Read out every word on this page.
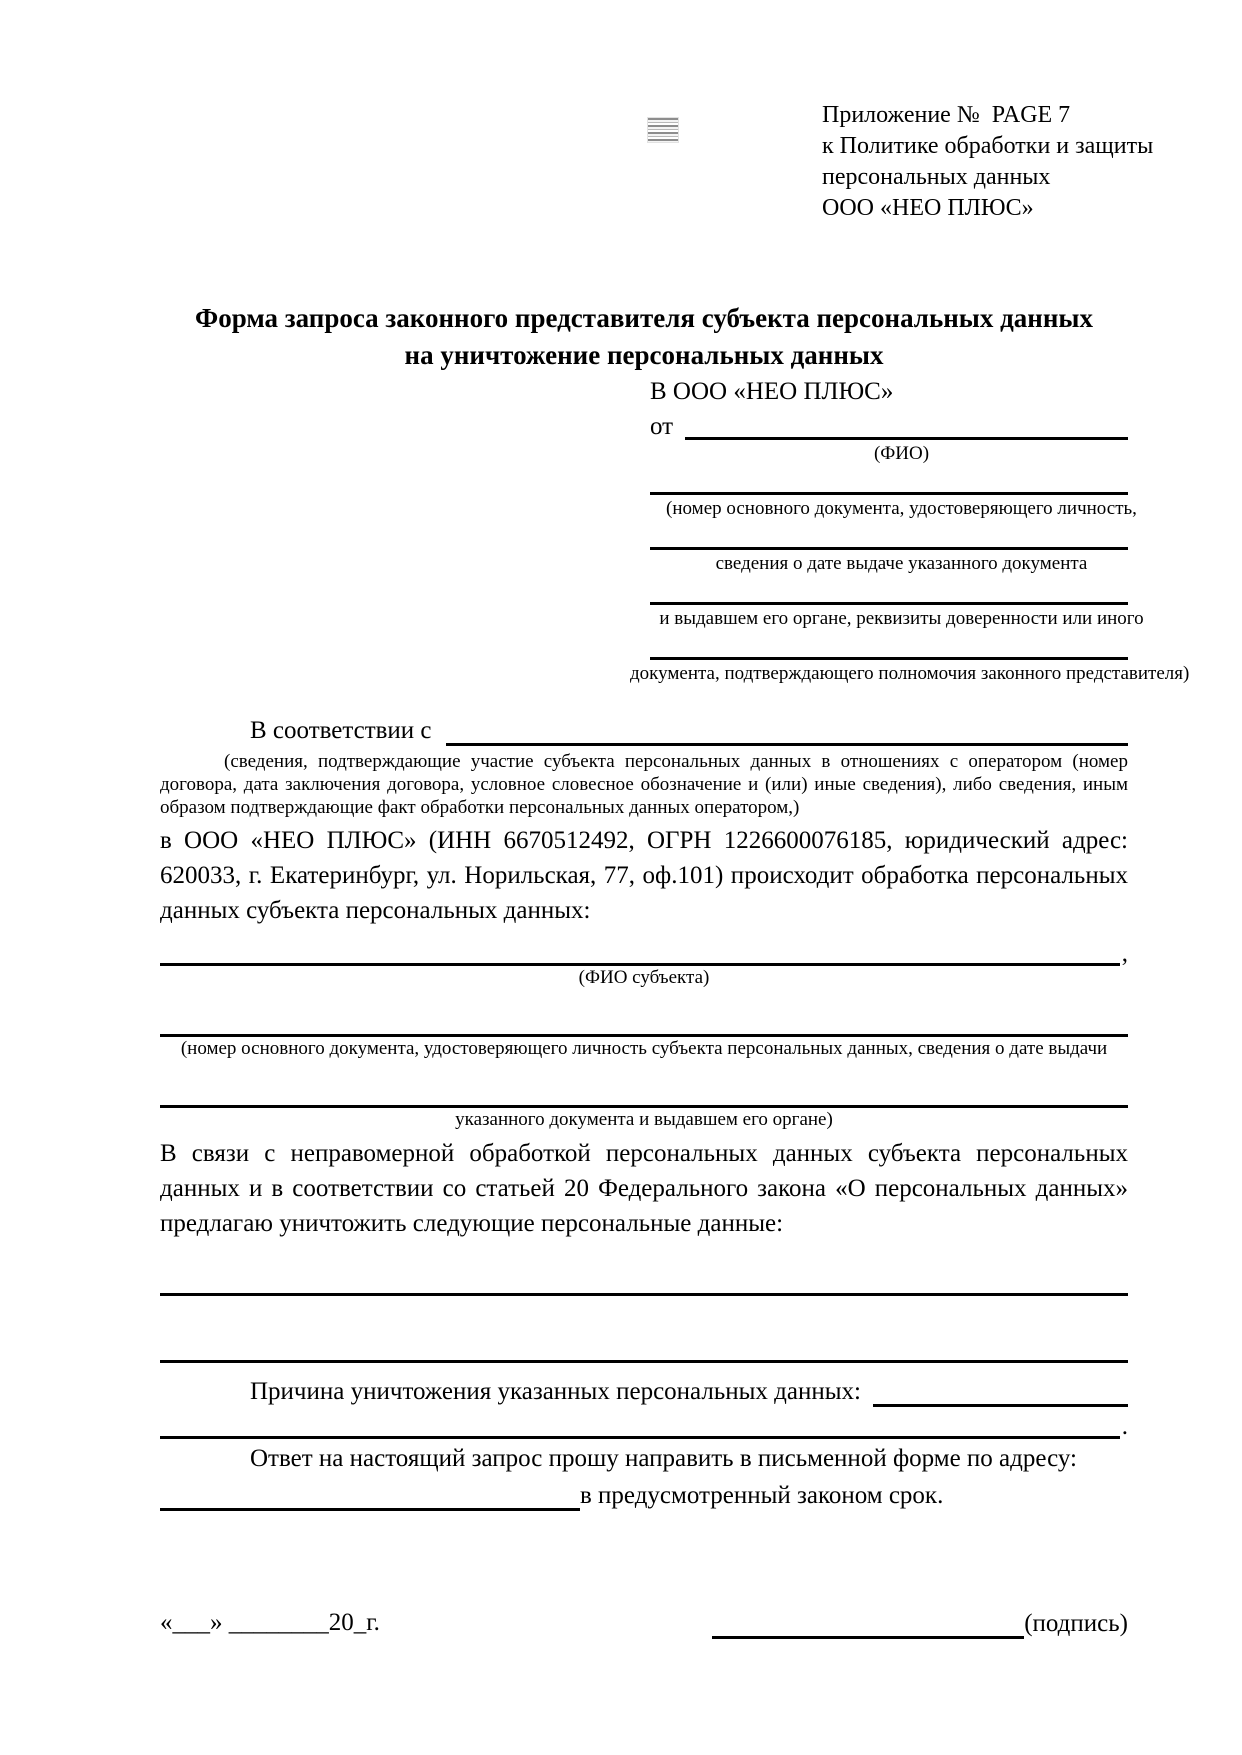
Приложение №  PAGE 7
к Политике обработки и защиты
персональных данных
ООО «НЕО ПЛЮС»
Форма запроса законного представителя субъекта персональных данных
на уничтожение персональных данных
В ООО «НЕО ПЛЮС»
от
(ФИО)
(номер основного документа, удостоверяющего личность,
сведения о дате выдаче указанного документа
и выдавшем его органе, реквизиты доверенности или иного
документа, подтверждающего полномочия законного представителя)
В соответствии с
(сведения, подтверждающие участие субъекта персональных данных в отношениях с оператором (номер договора, дата заключения договора, условное словесное обозначение и (или) иные сведения), либо сведения, иным образом подтверждающие факт обработки персональных данных оператором,)
в ООО «НЕО ПЛЮС» (ИНН 6670512492, ОГРН 1226600076185, юридический адрес: 620033, г. Екатеринбург, ул. Норильская, 77, оф.101) происходит обработка персональных данных субъекта персональных данных:
,
(ФИО субъекта)
(номер основного документа, удостоверяющего личность субъекта персональных данных, сведения о дате выдачи
указанного документа и выдавшем его органе)
В связи с неправомерной обработкой персональных данных субъекта персональных данных и в соответствии со статьей 20 Федерального закона «О персональных данных» предлагаю уничтожить следующие персональные данные:
Причина уничтожения указанных персональных данных:
.
Ответ на настоящий запрос прошу направить в письменной форме по адресу:
в предусмотренный законом срок.
«___» ________20_г.	(подпись)
